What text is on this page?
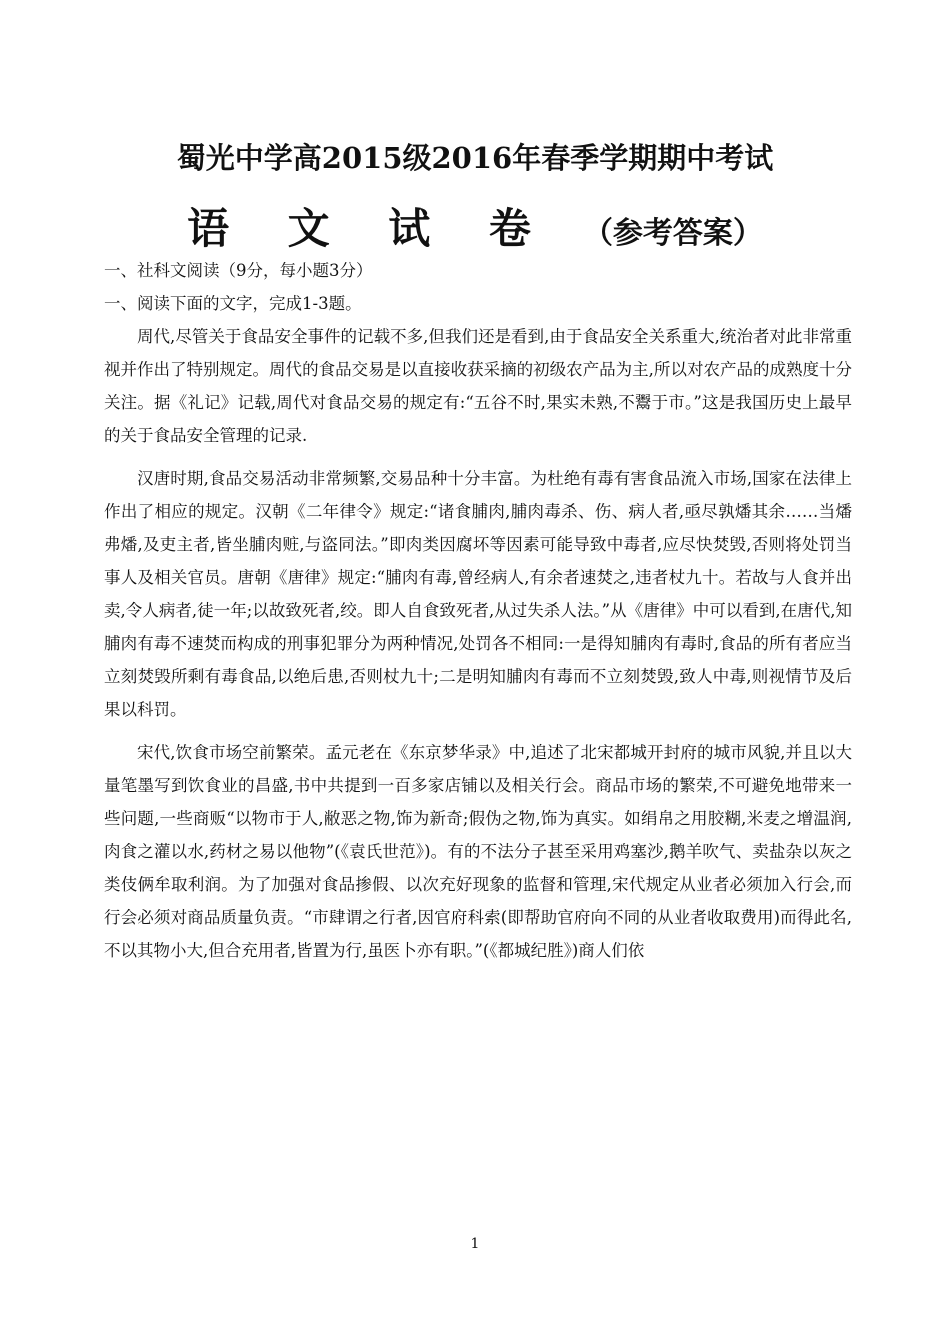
蜀光中学高2015级2016年春季学期期中考试
语 文 试 卷 （参考答案）

一、社科文阅读（9分，每小题3分）

一、阅读下面的文字，完成1-3题。

周代,尽管关于食品安全事件的记载不多,但我们还是看到,由于食品安全关系重大,统治者对此非常重视并作出了特别规定。周代的食品交易是以直接收获采摘的初级农产品为主,所以对农产品的成熟度十分关注。据《礼记》记载,周代对食品交易的规定有:“五谷不时,果实未熟,不鬻于市。”这是我国历史上最早的关于食品安全管理的记录.

汉唐时期,食品交易活动非常频繁,交易品种十分丰富。为杜绝有毒有害食品流入市场,国家在法律上作出了相应的规定。汉朝《二年律令》规定:“诸食脯肉,脯肉毒杀、伤、病人者,亟尽孰燔其余……当燔弗燔,及吏主者,皆坐脯肉赃,与盗同法。”即肉类因腐坏等因素可能导致中毒者,应尽快焚毁,否则将处罚当事人及相关官员。唐朝《唐律》规定:“脯肉有毒,曾经病人,有余者速焚之,违者杖九十。若故与人食并出卖,令人病者,徒一年;以故致死者,绞。即人自食致死者,从过失杀人法。”从《唐律》中可以看到,在唐代,知脯肉有毒不速焚而构成的刑事犯罪分为两种情况,处罚各不相同:一是得知脯肉有毒时,食品的所有者应当立刻焚毁所剩有毒食品,以绝后患,否则杖九十;二是明知脯肉有毒而不立刻焚毁,致人中毒,则视情节及后果以科罚。

宋代,饮食市场空前繁荣。孟元老在《东京梦华录》中,追述了北宋都城开封府的城市风貌,并且以大量笔墨写到饮食业的昌盛,书中共提到一百多家店铺以及相关行会。商品市场的繁荣,不可避免地带来一些问题,一些商贩“以物市于人,敝恶之物,饰为新奇;假伪之物,饰为真实。如绢帛之用胶糊,米麦之增温润,肉食之灌以水,药材之易以他物”(《袁氏世范》)。有的不法分子甚至采用鸡塞沙,鹅羊吹气、卖盐杂以灰之类伎俩牟取利润。为了加强对食品掺假、以次充好现象的监督和管理,宋代规定从业者必须加入行会,而行会必须对商品质量负责。“市肆谓之行者,因官府科索(即帮助官府向不同的从业者收取费用)而得此名,不以其物小大,但合充用者,皆置为行,虽医卜亦有职。”(《都城纪胜》)商人们依

1
